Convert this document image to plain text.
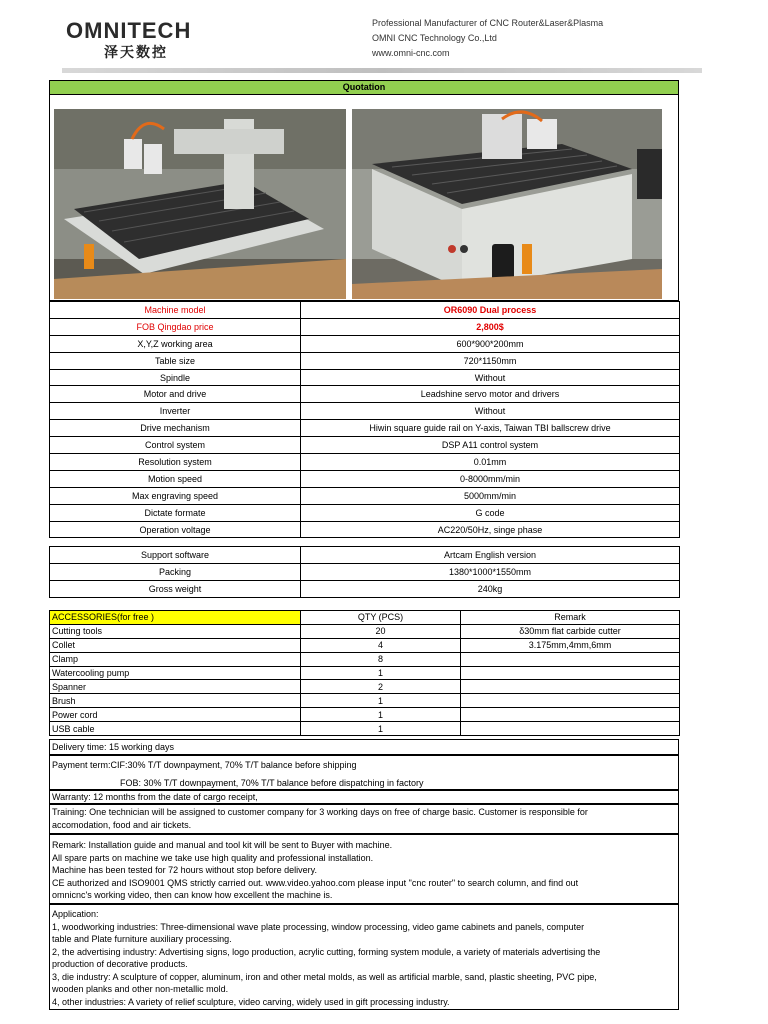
OMNITECH
泽天数控
Professional Manufacturer of CNC Router&Laser&Plasma
OMNI CNC Technology Co.,Ltd
www.omni-cnc.com
Quotation
Machine model	OR6090 Dual process
FOB Qingdao price	2,800$
X,Y,Z working area	600*900*200mm
Table size	720*1150mm
Spindle	Without
Motor and drive	Leadshine servo motor and drivers
Inverter	Without
Drive mechanism	Hiwin square guide rail on Y-axis, Taiwan TBI ballscrew drive
Control system	DSP A11 control system
Resolution system	0.01mm
Motion speed	0-8000mm/min
Max engraving speed	5000mm/min
Dictate formate	G code
Operation voltage	AC220/50Hz, singe phase
Support software	Artcam English version
Packing	1380*1000*1550mm
Gross weight	240kg
ACCESSORIES(for free )	QTY (PCS)	Remark
Cutting tools	20	δ30mm flat carbide cutter
Collet	4	3.175mm,4mm,6mm
Clamp	8	
Watercooling pump	1	
Spanner	2	
Brush	1	
Power cord	1	
USB cable	1	
Delivery time: 15 working days
Payment term:CIF:30% T/T downpayment, 70% T/T balance before shipping
FOB: 30% T/T downpayment, 70% T/T balance before dispatching in factory
Warranty: 12 months from the date of cargo receipt,
Training: One technician will be assigned to customer company for 3 working days on free of charge basic. Customer is responsible for
accomodation, food and air tickets.
Remark: Installation guide and manual and tool kit will be sent to Buyer with machine.
All spare parts on machine we take use high quality and professional installation.
Machine has been tested for 72 hours without stop before delivery.
CE authorized and ISO9001 QMS strictly carried out. www.video.yahoo.com please input "cnc router" to search column, and find out
omnicnc's working video, then can know how excellent the machine is.
Application:
1, woodworking industries: Three-dimensional wave plate processing, window processing, video game cabinets and panels, computer
table and Plate furniture auxiliary processing.
2, the advertising industry: Advertising signs, logo production, acrylic cutting, forming system module, a variety of materials advertising the
production of decorative products.
3, die industry: A sculpture of copper, aluminum, iron and other metal molds, as well as artificial marble, sand, plastic sheeting, PVC pipe,
wooden planks and other non-metallic mold.
4, other industries: A variety of relief sculpture, video carving, widely used in gift processing industry.
